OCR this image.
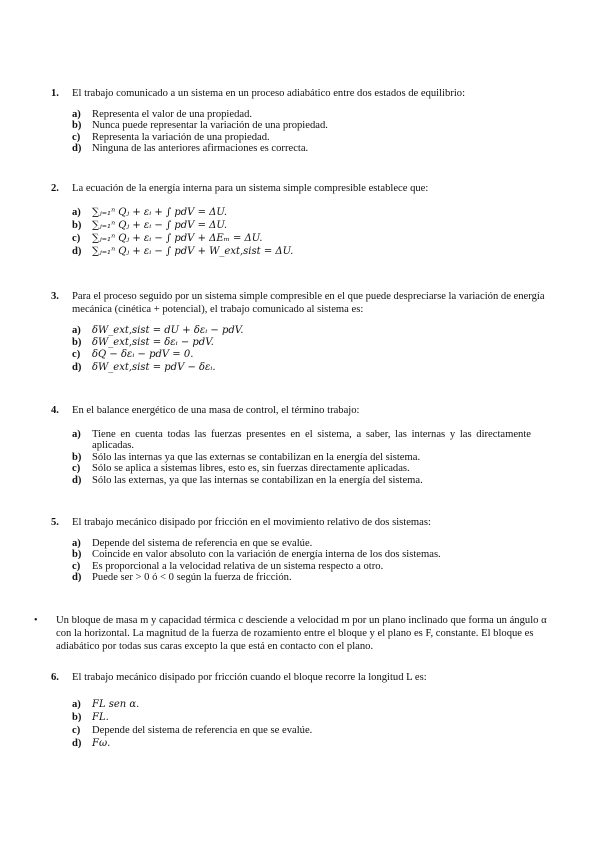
1. El trabajo comunicado a un sistema en un proceso adiabático entre dos estados de equilibrio:
a) Representa el valor de una propiedad.
b) Nunca puede representar la variación de una propiedad.
c) Representa la variación de una propiedad.
d) Ninguna de las anteriores afirmaciones es correcta.
2. La ecuación de la energía interna para un sistema simple compresible establece que:
a) ∑ⱼ₌₁ⁿ Qⱼ + εᵢ + ∫ pdV = ΔU.
b) ∑ⱼ₌₁ⁿ Qⱼ + εᵢ − ∫ pdV = ΔU.
c) ∑ⱼ₌₁ⁿ Qⱼ + εᵢ − ∫ pdV + ΔEₘ = ΔU.
d) ∑ⱼ₌₁ⁿ Qⱼ + εᵢ − ∫ pdV + W_ext,sist = ΔU.
3. Para el proceso seguido por un sistema simple compresible en el que puede despreciarse la variación de energía mecánica (cinética + potencial), el trabajo comunicado al sistema es:
a) δW_ext,sist = dU + δεᵢ − pdV.
b) δW_ext,sist = δεᵢ − pdV.
c) δQ − δεᵢ − pdV = 0.
d) δW_ext,sist = pdV − δεᵢ.
4. En el balance energético de una masa de control, el término trabajo:
a) Tiene en cuenta todas las fuerzas presentes en el sistema, a saber, las internas y las directamente aplicadas.
b) Sólo las internas ya que las externas se contabilizan en la energía del sistema.
c) Sólo se aplica a sistemas libres, esto es, sin fuerzas directamente aplicadas.
d) Sólo las externas, ya que las internas se contabilizan en la energía del sistema.
5. El trabajo mecánico disipado por fricción en el movimiento relativo de dos sistemas:
a) Depende del sistema de referencia en que se evalúe.
b) Coincide en valor absoluto con la variación de energía interna de los dos sistemas.
c) Es proporcional a la velocidad relativa de un sistema respecto a otro.
d) Puede ser > 0 ó < 0 según la fuerza de fricción.
•	Un bloque de masa m y capacidad térmica c desciende a velocidad m por un plano inclinado que forma un ángulo α con la horizontal. La magnitud de la fuerza de rozamiento entre el bloque y el plano es F, constante. El bloque es adiabático por todas sus caras excepto la que está en contacto con el plano.
6. El trabajo mecánico disipado por fricción cuando el bloque recorre la longitud L es:
a) FL sen α.
b) FL.
c) Depende del sistema de referencia en que se evalúe.
d) Fω.
